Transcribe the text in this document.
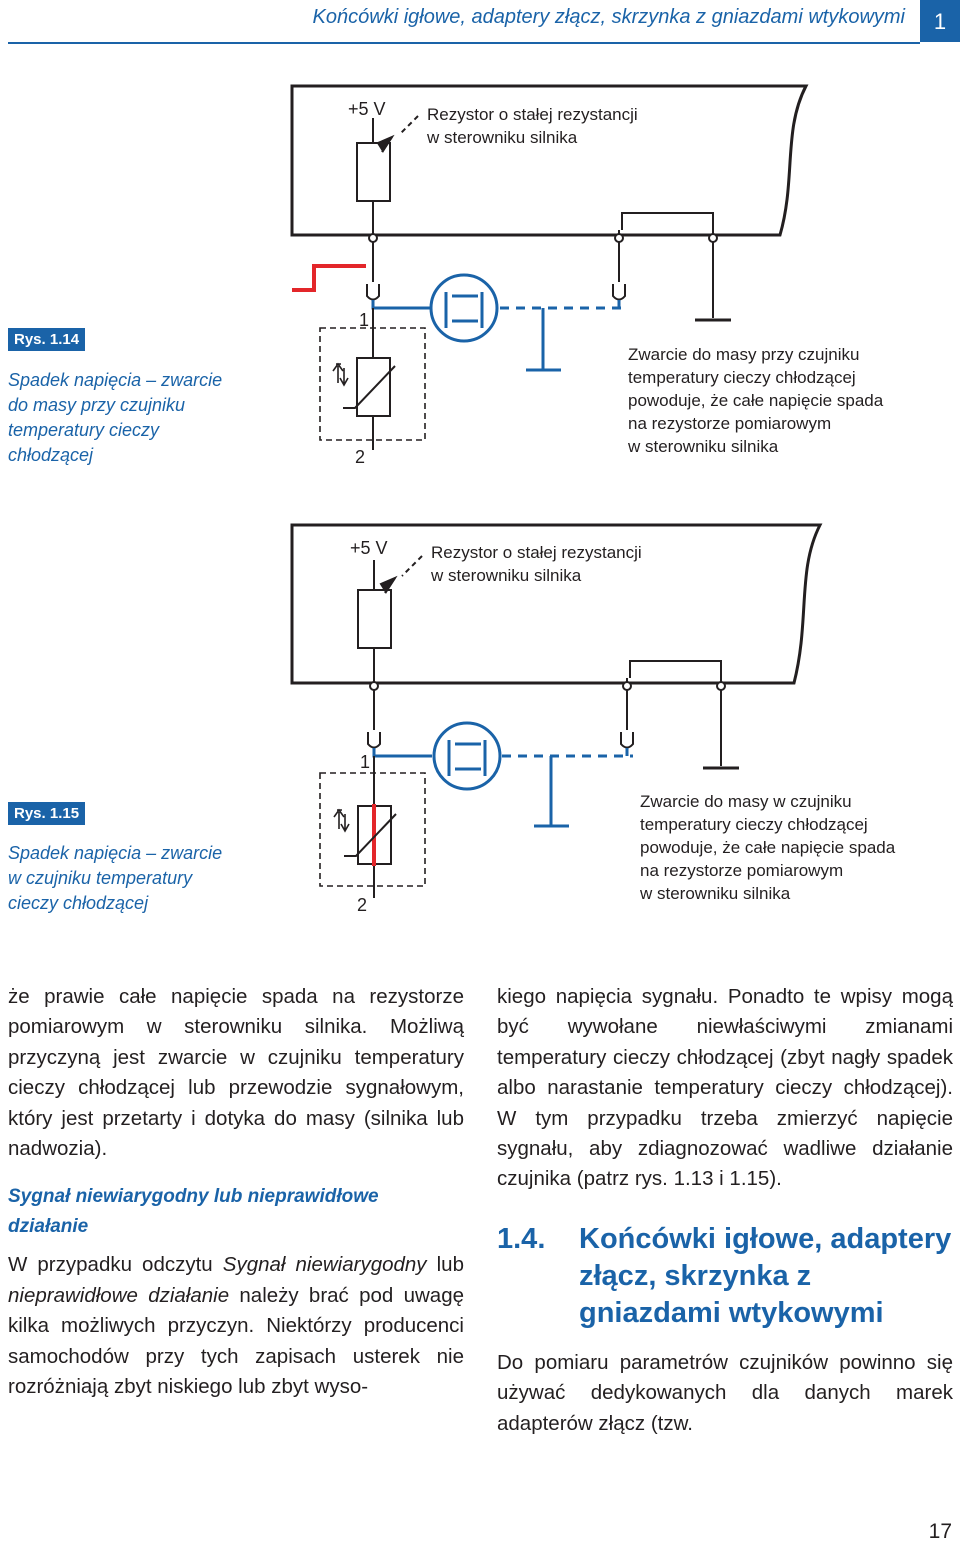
Końcówki igłowe, adaptery złącz, skrzynka z gniazdami wtykowymi	1
Rys. 1.14
Spadek napięcia – zwarcie
do masy przy czujniku
temperatury cieczy
chłodzącej
+5 V Rezystor o stałej rezystancji
w sterowniku silnika
1
2
Zwarcie do masy przy czujniku
temperatury cieczy chłodzącej
powoduje, że całe napięcie spada
na rezystorze pomiarowym
w sterowniku silnika
Rys. 1.15
Spadek napięcia – zwarcie
w czujniku temperatury
cieczy chłodzącej
+5 V	Rezystor o stałej rezystancji
w sterowniku silnika
1
2
Zwarcie do masy w czujniku
temperatury cieczy chłodzącej
powoduje, że całe napięcie spada
na rezystorze pomiarowym
w sterowniku silnika

że prawie całe napięcie spada na rezystorze pomiarowym w sterowniku silnika. Możliwą przyczyną jest zwarcie w czujniku temperatury cieczy chłodzącej lub przewodzie sygnałowym, który jest przetarty i dotyka do masy (silnika lub nadwozia).

Sygnał niewiarygodny lub nieprawidłowe działanie

W przypadku odczytu Sygnał niewiarygodny lub nieprawidłowe działanie należy brać pod uwagę kilka możliwych przyczyn. Niektórzy producenci samochodów przy tych zapisach usterek nie rozróżniają zbyt niskiego lub zbyt wyso-

kiego napięcia sygnału. Ponadto te wpisy mogą być wywołane niewłaściwymi zmianami temperatury cieczy chłodzącej (zbyt nagły spadek albo narastanie temperatury cieczy chłodzącej). W tym przypadku trzeba zmierzyć napięcie sygnału, aby zdiagnozować wadliwe działanie czujnika (patrz rys. 1.13 i 1.15).

1.4.	Końcówki igłowe, adaptery złącz, skrzynka z gniazdami wtykowymi

Do pomiaru parametrów czujników powinno się używać dedykowanych dla danych marek adapterów złącz (tzw.

17
